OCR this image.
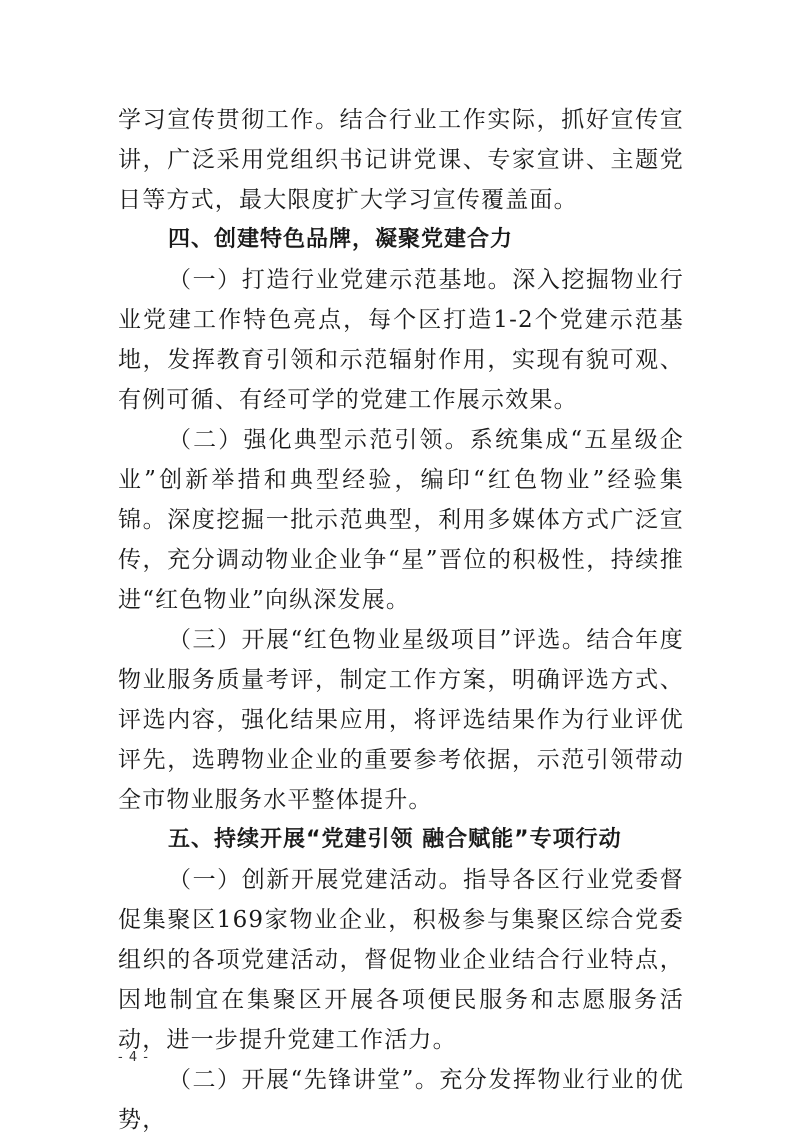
学习宣传贯彻工作。结合行业工作实际，抓好宣传宣讲，广泛采用党组织书记讲党课、专家宣讲、主题党日等方式，最大限度扩大学习宣传覆盖面。

四、创建特色品牌，凝聚党建合力

（一）打造行业党建示范基地。深入挖掘物业行业党建工作特色亮点，每个区打造1-2个党建示范基地，发挥教育引领和示范辐射作用，实现有貌可观、有例可循、有经可学的党建工作展示效果。

（二）强化典型示范引领。系统集成“五星级企业”创新举措和典型经验，编印“红色物业”经验集锦。深度挖掘一批示范典型，利用多媒体方式广泛宣传，充分调动物业企业争“星”晋位的积极性，持续推进“红色物业”向纵深发展。

（三）开展“红色物业星级项目”评选。结合年度物业服务质量考评，制定工作方案，明确评选方式、评选内容，强化结果应用，将评选结果作为行业评优评先，选聘物业企业的重要参考依据，示范引领带动全市物业服务水平整体提升。

五、持续开展“党建引领 融合赋能”专项行动

（一）创新开展党建活动。指导各区行业党委督促集聚区169家物业企业，积极参与集聚区综合党委组织的各项党建活动，督促物业企业结合行业特点，因地制宜在集聚区开展各项便民服务和志愿服务活动，进一步提升党建工作活力。

（二）开展“先锋讲堂”。充分发挥物业行业的优势，

- 4 -
